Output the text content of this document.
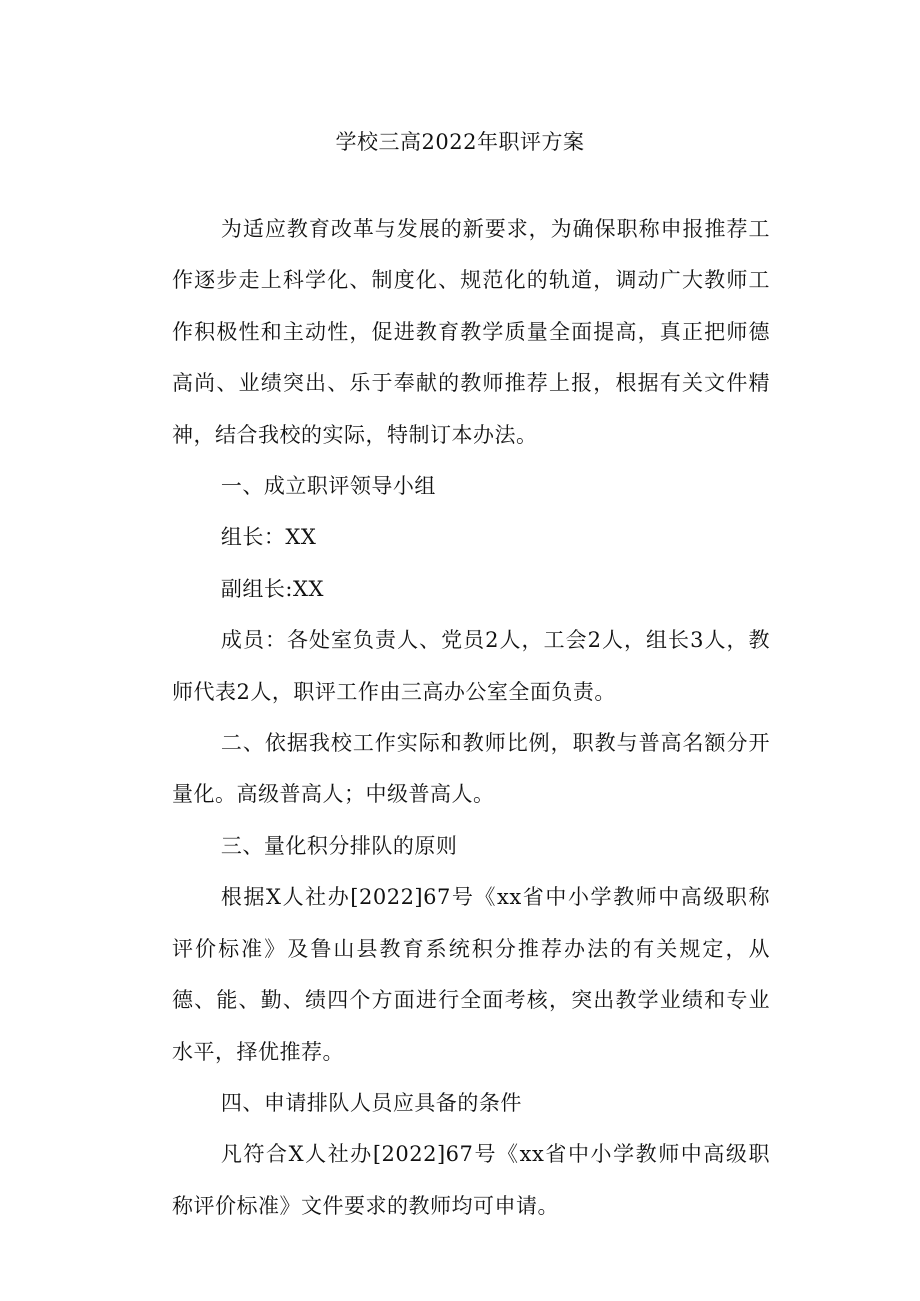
学校三高2022年职评方案

为适应教育改革与发展的新要求，为确保职称申报推荐工作逐步走上科学化、制度化、规范化的轨道，调动广大教师工作积极性和主动性，促进教育教学质量全面提高，真正把师德高尚、业绩突出、乐于奉献的教师推荐上报，根据有关文件精神，结合我校的实际，特制订本办法。

一、成立职评领导小组

组长：XX

副组长:XX

成员：各处室负责人、党员2人，工会2人，组长3人，教师代表2人，职评工作由三高办公室全面负责。

二、依据我校工作实际和教师比例，职教与普高名额分开量化。高级普高人；中级普高人。

三、量化积分排队的原则

根据X人社办[2022]67号《xx省中小学教师中高级职称评价标准》及鲁山县教育系统积分推荐办法的有关规定，从德、能、勤、绩四个方面进行全面考核，突出教学业绩和专业水平，择优推荐。

四、申请排队人员应具备的条件

凡符合X人社办[2022]67号《xx省中小学教师中高级职称评价标准》文件要求的教师均可申请。
